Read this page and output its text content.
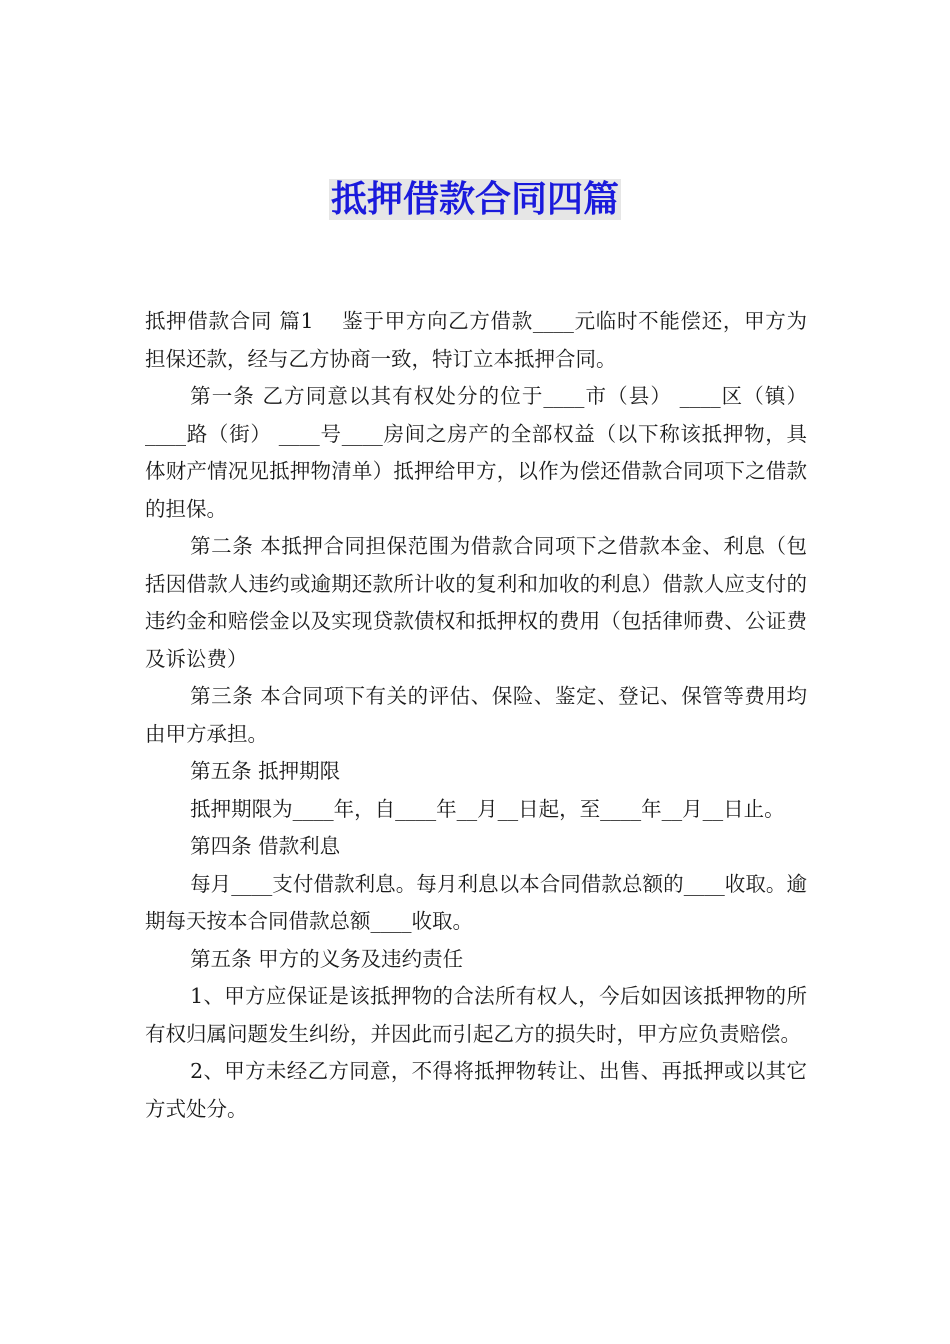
抵押借款合同四篇

抵押借款合同 篇1 鉴于甲方向乙方借款____元临时不能偿还，甲方为担保还款，经与乙方协商一致，特订立本抵押合同。

第一条 乙方同意以其有权处分的位于____市（县） ____区（镇） ____路（街） ____号____房间之房产的全部权益（以下称该抵押物，具体财产情况见抵押物清单）抵押给甲方，以作为偿还借款合同项下之借款的担保。

第二条 本抵押合同担保范围为借款合同项下之借款本金、利息（包括因借款人违约或逾期还款所计收的复利和加收的利息）借款人应支付的违约金和赔偿金以及实现贷款债权和抵押权的费用（包括律师费、公证费及诉讼费）

第三条 本合同项下有关的评估、保险、鉴定、登记、保管等费用均由甲方承担。

第五条 抵押期限

抵押期限为____年，自____年__月__日起，至____年__月__日止。

第四条 借款利息

每月____支付借款利息。每月利息以本合同借款总额的____收取。逾期每天按本合同借款总额____收取。

第五条 甲方的义务及违约责任

1、甲方应保证是该抵押物的合法所有权人，今后如因该抵押物的所有权归属问题发生纠纷，并因此而引起乙方的损失时，甲方应负责赔偿。

2、甲方未经乙方同意，不得将抵押物转让、出售、再抵押或以其它方式处分。
